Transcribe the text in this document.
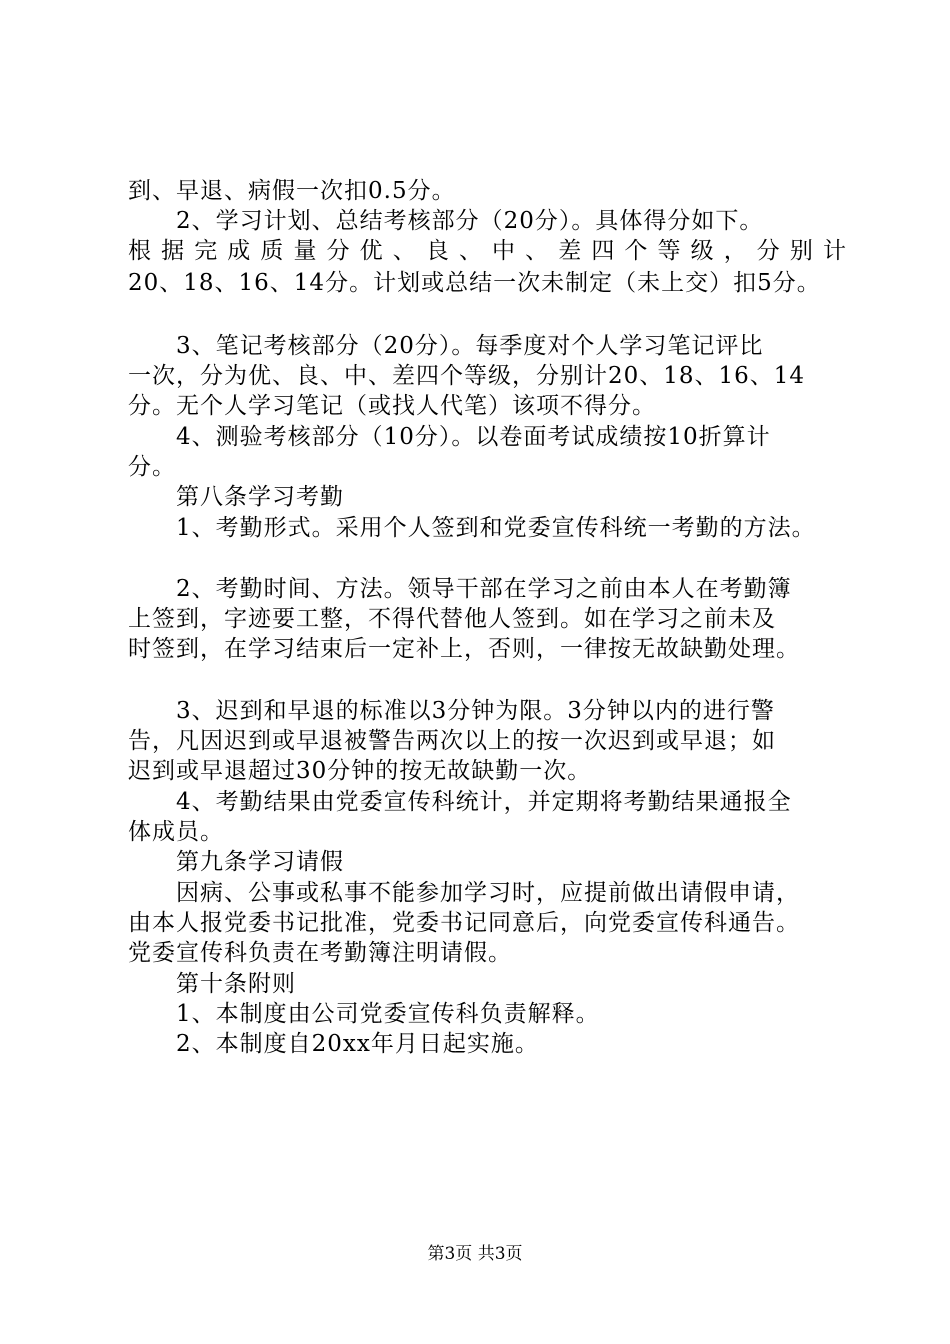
到、早退、病假一次扣0.5分。
2、学习计划、总结考核部分（20分）。具体得分如下。
根据完成质量分优、良、中、差四个等级，分别计
20、18、16、14分。计划或总结一次未制定（未上交）扣5分。
3、笔记考核部分（20分）。每季度对个人学习笔记评比
一次，分为优、良、中、差四个等级，分别计20、18、16、14
分。无个人学习笔记（或找人代笔）该项不得分。
4、测验考核部分（10分）。以卷面考试成绩按10折算计
分。
第八条学习考勤
1、考勤形式。采用个人签到和党委宣传科统一考勤的方法。
2、考勤时间、方法。领导干部在学习之前由本人在考勤簿
上签到，字迹要工整，不得代替他人签到。如在学习之前未及
时签到，在学习结束后一定补上，否则，一律按无故缺勤处理。
3、迟到和早退的标准以3分钟为限。3分钟以内的进行警
告，凡因迟到或早退被警告两次以上的按一次迟到或早退；如
迟到或早退超过30分钟的按无故缺勤一次。
4、考勤结果由党委宣传科统计，并定期将考勤结果通报全
体成员。
第九条学习请假
因病、公事或私事不能参加学习时，应提前做出请假申请，
由本人报党委书记批准，党委书记同意后，向党委宣传科通告。
党委宣传科负责在考勤簿注明请假。
第十条附则
1、本制度由公司党委宣传科负责解释。
2、本制度自20xx年月日起实施。
第3页 共3页
